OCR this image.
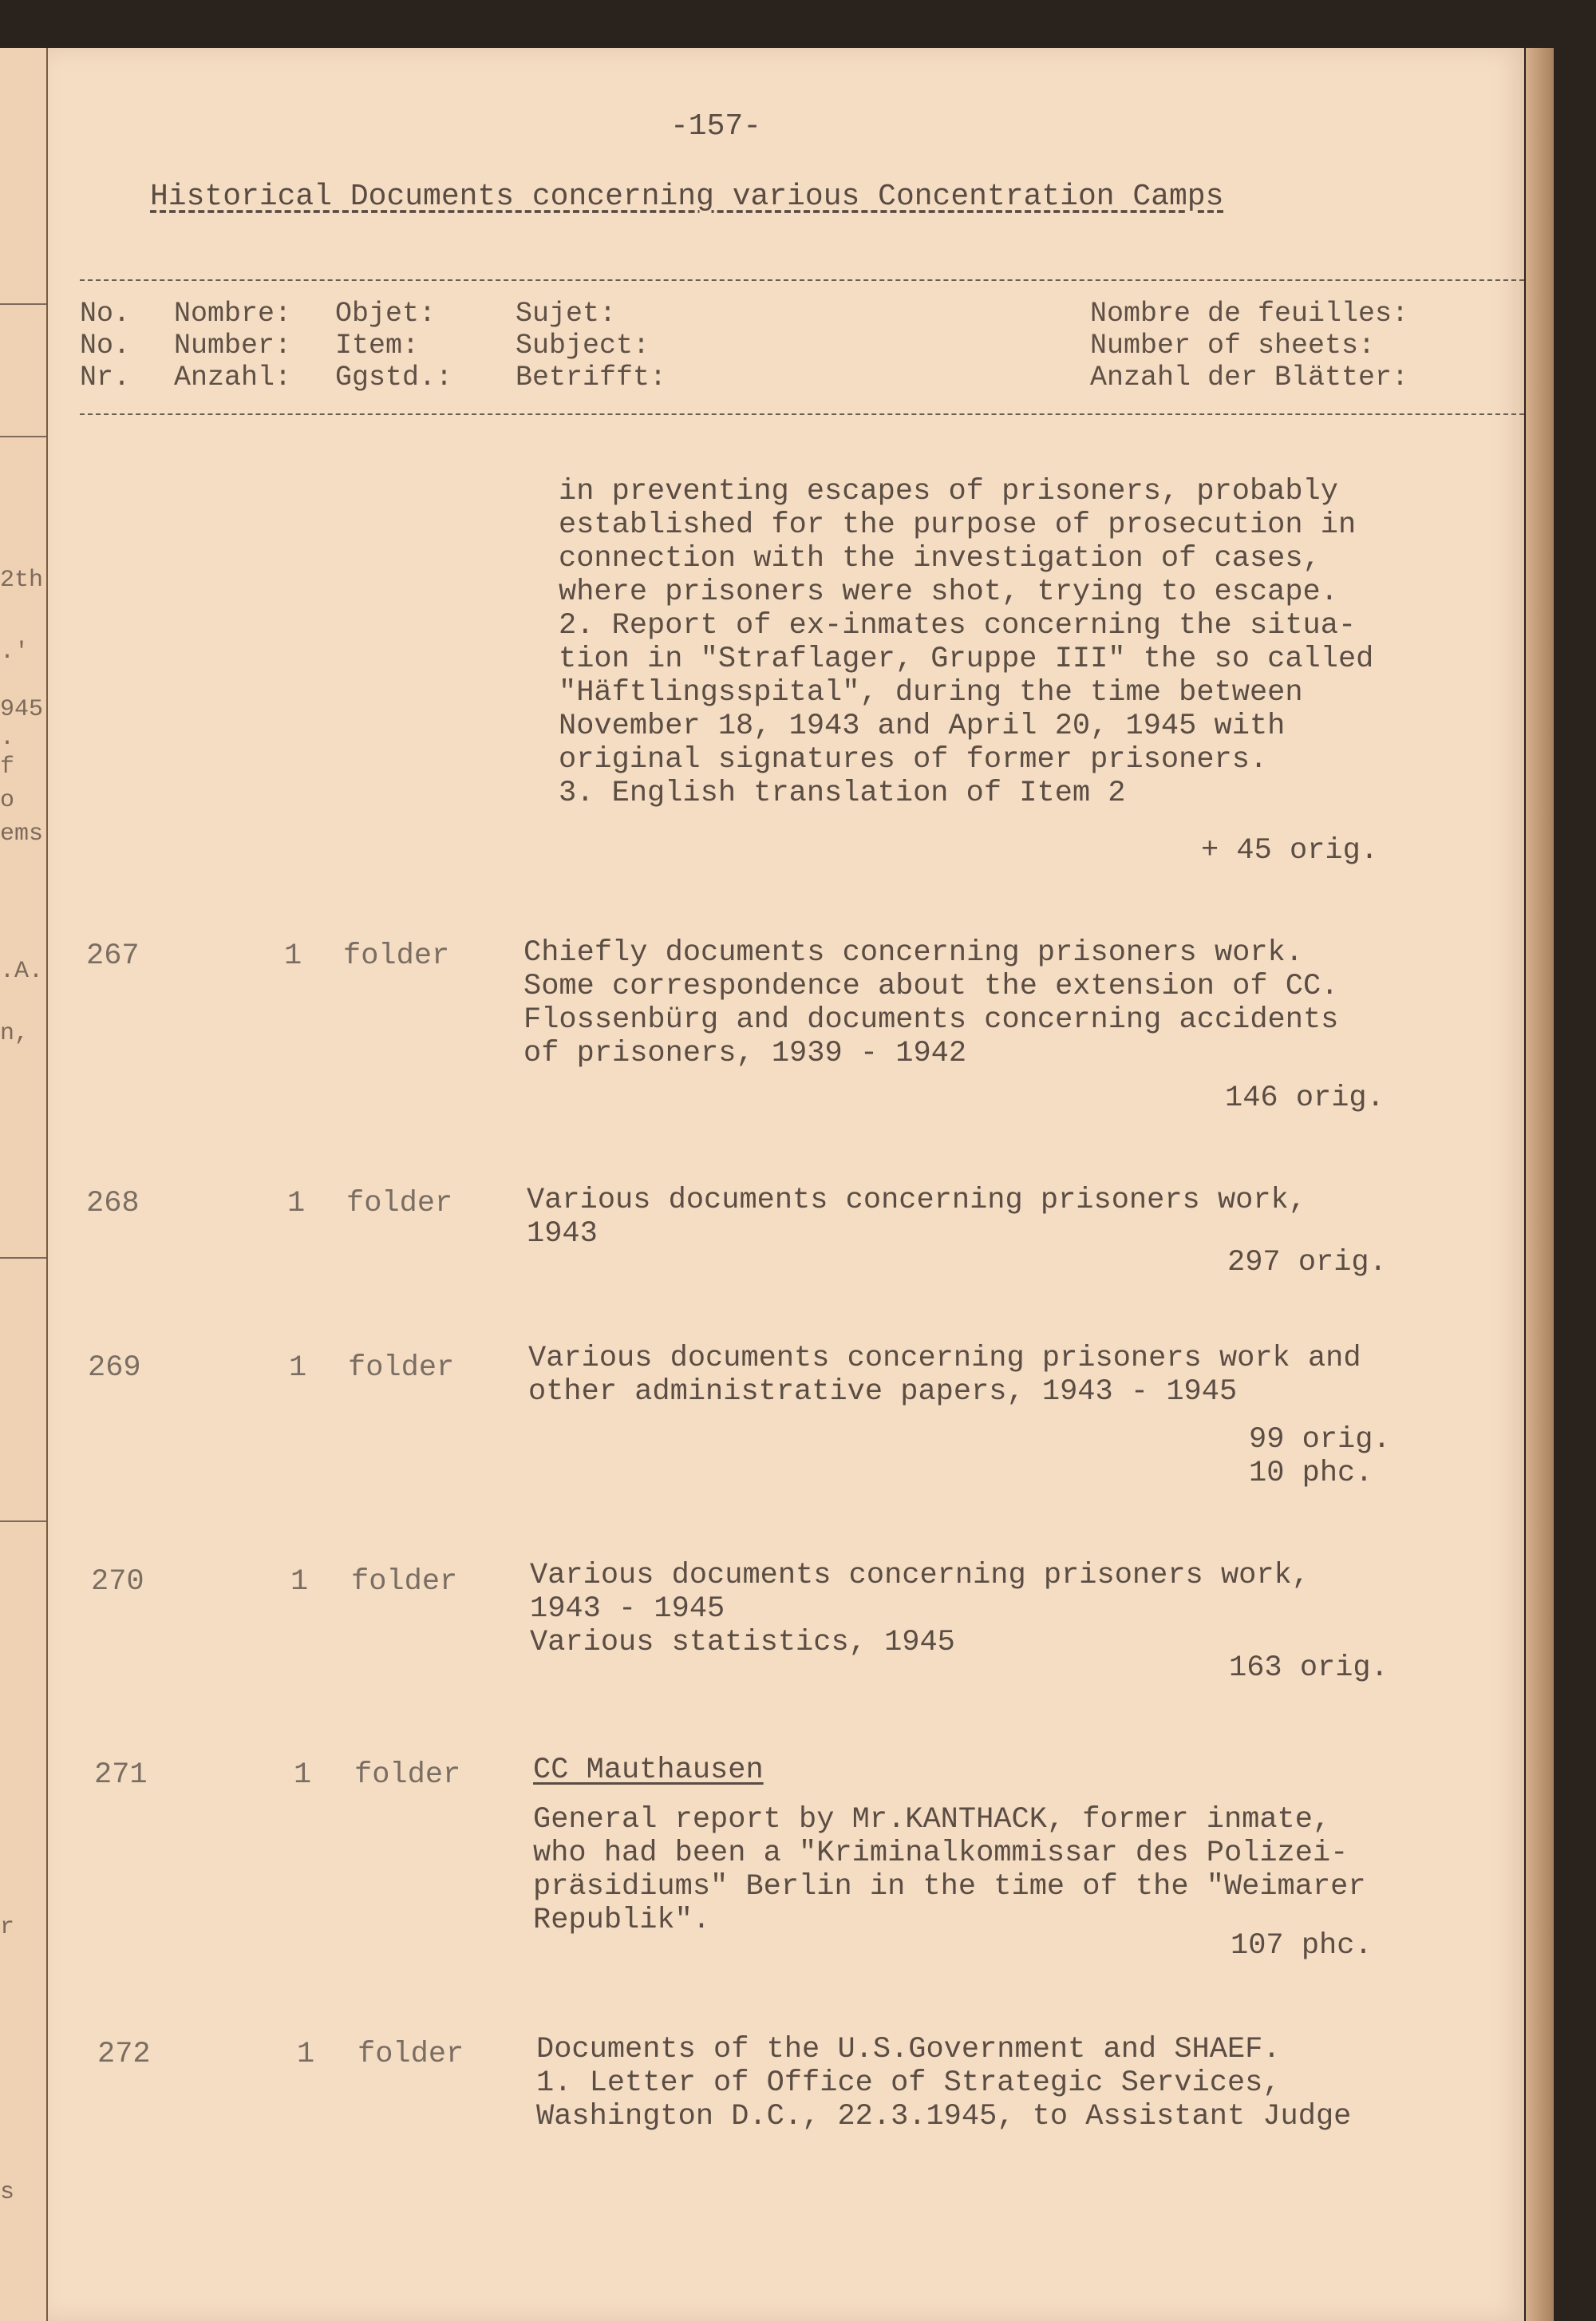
2th
.'
945
.
f
o
ems
.A.
n,
r
s
-157-
Historical Documents concerning various Concentration Camps
No. Nombre: Objet:	Sujet:	Nombre de feuilles:
No. Number: Item:	Subject:	Number of sheets:
Nr. Anzahl: Ggstd.: Betrifft:	Anzahl der Blätter:
in preventing escapes of prisoners, probably
established for the purpose of prosecution in
connection with the investigation of cases,
where prisoners were shot, trying to escape.
2. Report of ex-inmates concerning the situa-
tion in "Straflager, Gruppe III" the so called
"Häftlingsspital", during the time between
November 18, 1943 and April 20, 1945 with
original signatures of former prisoners.
3. English translation of Item 2
+ 45 orig.
267	1 folder	Chiefly documents concerning prisoners work.
Some correspondence about the extension of CC.
Flossenbürg and documents concerning accidents
of prisoners, 1939 - 1942
146 orig.
268	1 folder	Various documents concerning prisoners work,
1943
297 orig.
269	1 folder	Various documents concerning prisoners work and
other administrative papers, 1943 - 1945
99 orig.
10 phc.
270	1 folder Various documents concerning prisoners work,
1943 - 1945
Various statistics, 1945
163 orig.
271	1 folder CC Mauthausen
General report by Mr.KANTHACK, former inmate,
who had been a "Kriminalkommissar des Polizei-
präsidiums" Berlin in the time of the "Weimarer
Republik".
107 phc.
272	1 folder Documents of the U.S.Government and SHAEF.
1. Letter of Office of Strategic Services,
Washington D.C., 22.3.1945, to Assistant Judge
